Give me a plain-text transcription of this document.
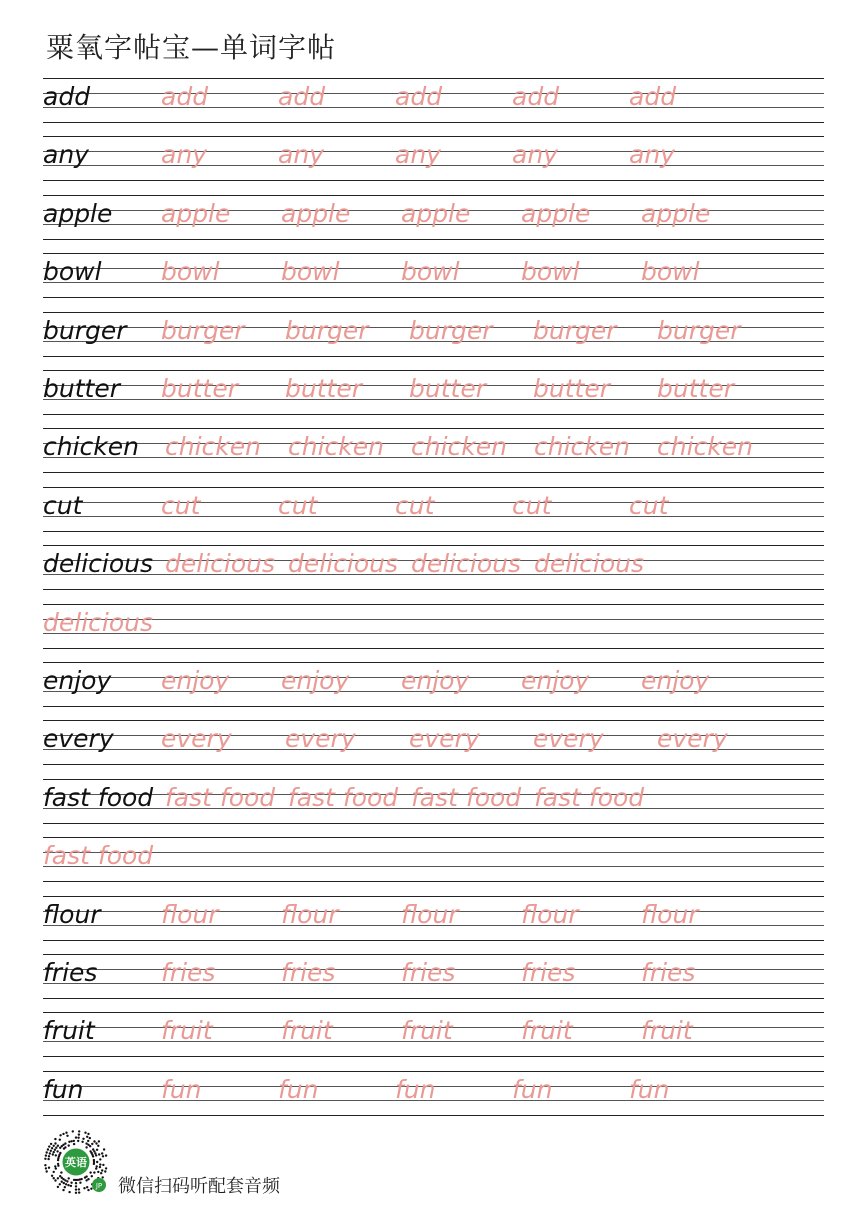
粟氧字帖宝—单词字帖
add	add	add	add	add	add
any	any	any	any	any	any
apple apple apple apple apple apple
bowl bowl bowl bowl bowl bowl
burger burger burger burger burger burger
butter butter butter butter butter butter
chicken chicken chicken chicken chicken chicken
cut	cut	cut	cut	cut	cut
delicious delicious delicious delicious delicious
delicious
enjoy enjoy enjoy enjoy enjoy enjoy
every every every every every every
fast food fast food fast food fast food fast food
fast food
flour flour flour flour flour flour
fries	fries	fries	fries	fries	fries
fruit	fruit	fruit	fruit	fruit	fruit
fun	fun	fun	fun	fun	fun
英语
JP 微信扫码听配套音频
